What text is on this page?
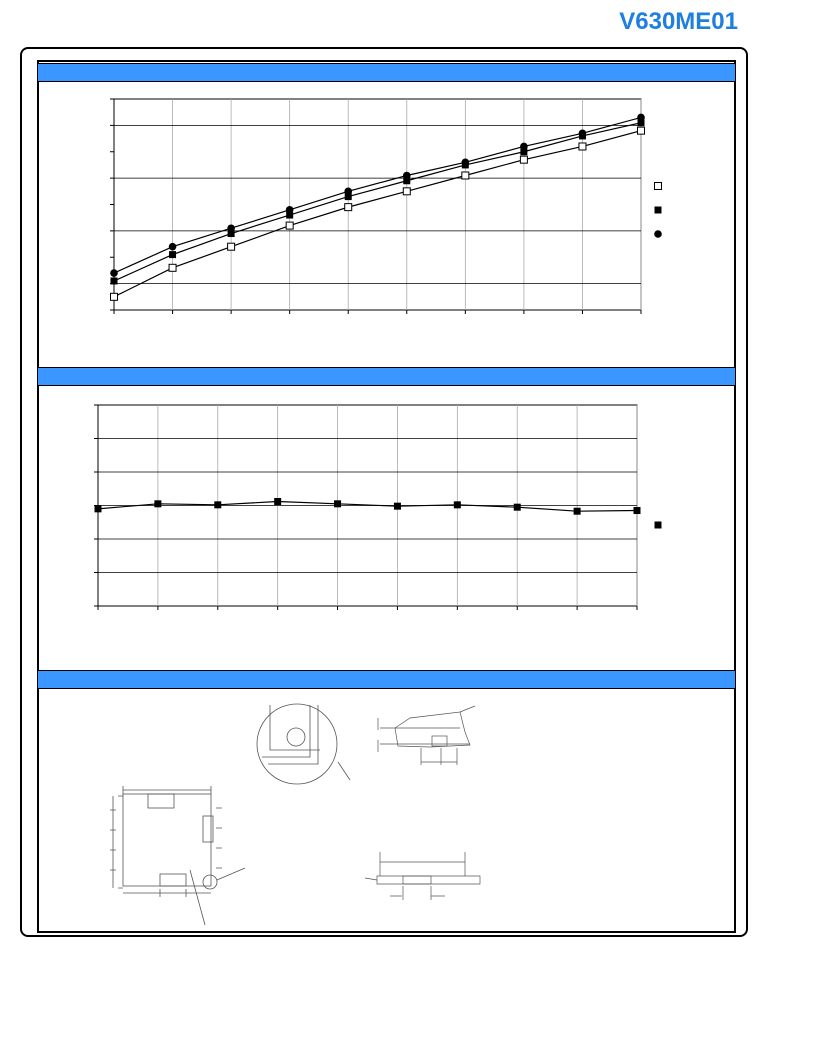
V630ME01
